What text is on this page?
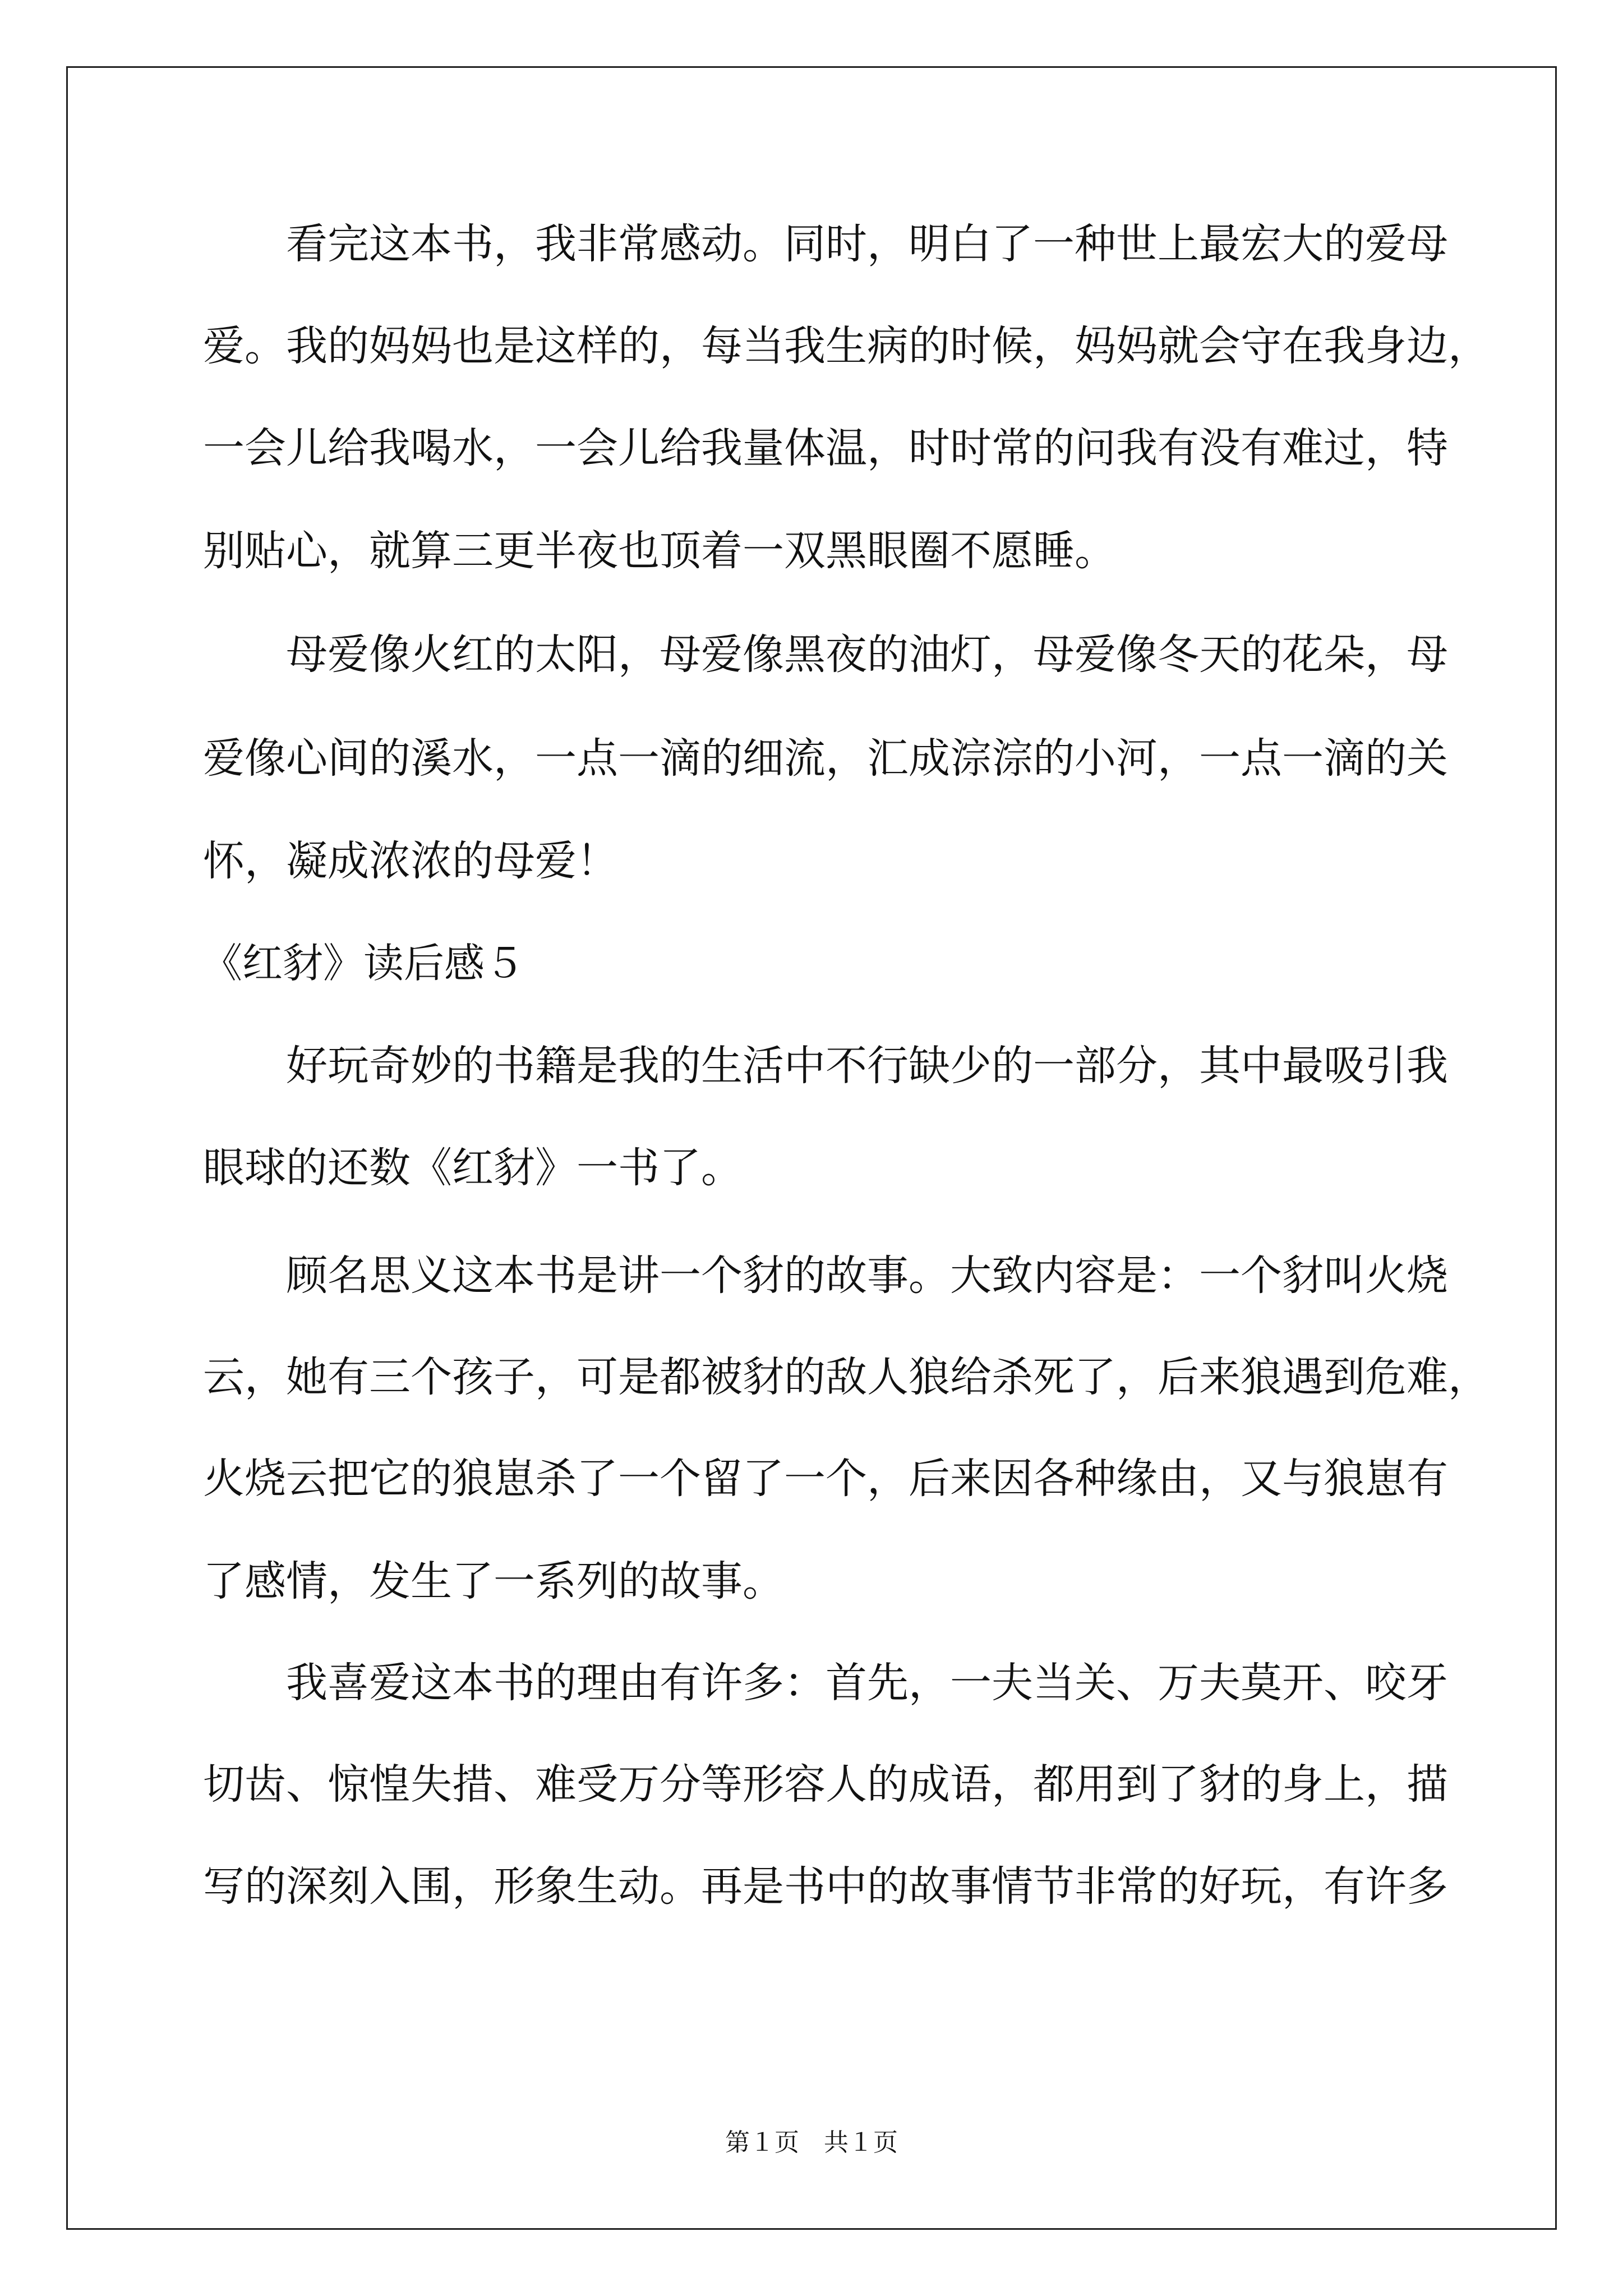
看完这本书，我非常感动。同时，明白了一种世上最宏大的爱母
爱。我的妈妈也是这样的，每当我生病的时候，妈妈就会守在我身边，
一会儿给我喝水，一会儿给我量体温，时时常的问我有没有难过，特
别贴心，就算三更半夜也顶着一双黑眼圈不愿睡。
母爱像火红的太阳，母爱像黑夜的油灯，母爱像冬天的花朵，母
爱像心间的溪水，一点一滴的细流，汇成淙淙的小河，一点一滴的关
怀，凝成浓浓的母爱！
《红豺》读后感５
好玩奇妙的书籍是我的生活中不行缺少的一部分，其中最吸引我
眼球的还数《红豺》一书了。
顾名思义这本书是讲一个豺的故事。大致内容是：一个豺叫火烧
云，她有三个孩子，可是都被豺的敌人狼给杀死了，后来狼遇到危难，
火烧云把它的狼崽杀了一个留了一个，后来因各种缘由，又与狼崽有
了感情，发生了一系列的故事。
我喜爱这本书的理由有许多：首先，一夫当关、万夫莫开、咬牙
切齿、惊惶失措、难受万分等形容人的成语，都用到了豺的身上，描
写的深刻入围，形象生动。再是书中的故事情节非常的好玩，有许多
第１页 共１页
